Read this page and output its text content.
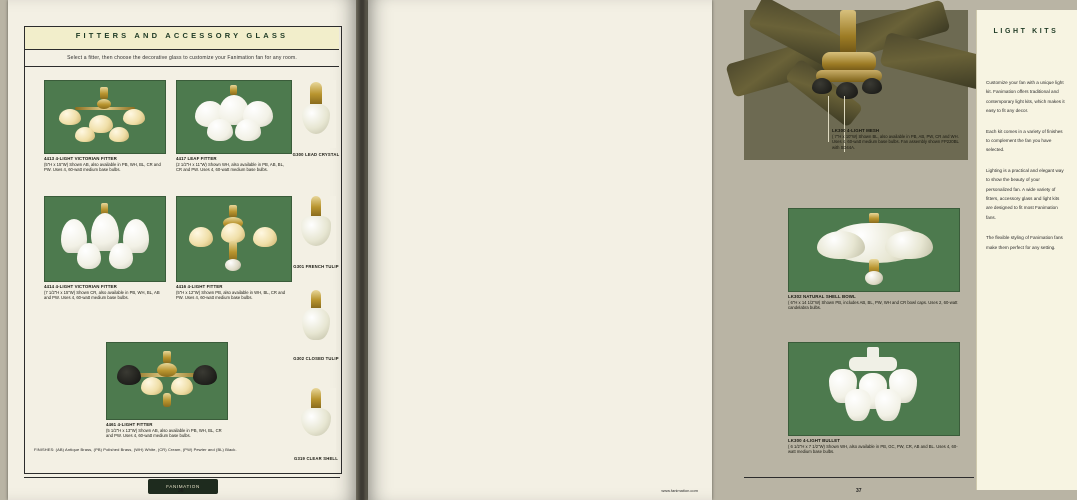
FITTERS AND ACCESSORY GLASS
Select a fitter, then choose the decorative glass to customize your Fanimation fan for any room.
4413 4-LIGHT VICTORIAN FITTER
(5"H x 15"W) Shown AB, also available in PB, WH, BL, CR and PW. Uses 4, 60-watt medium base bulbs.
4417 LEAF FITTER
(2 1/2"H x 11"W) Shown WH, also available in PB, AB, BL, CR and PW. Uses 4, 60-watt medium base bulbs.
G300 LEAD CRYSTAL
4414 4-LIGHT VICTORIAN FITTER
(7 1/2"H x 15"W) Shown CR, also available in PB, WH, BL, AB and PW. Uses 4, 60-watt medium base bulbs.
4416 4-LIGHT FITTER
(5"H x 12"W) Shown PB, also available in WH, BL, CR and PW. Uses 4, 60-watt medium base bulbs.
G301 FRENCH TULIP
G302 CLOSED TULIP
4461 4-LIGHT FITTER
(5 1/2"H x 13"W) Shown AB, also available in PB, WH, BL, CR and PW. Uses 4, 60-watt medium base bulbs.
G319 CLEAR SHELL
FINISHES: (AB) Antique Brass, (PB) Polished Brass, (WH) White, (CR) Cream, (PW) Pewter and (BL) Black.
FANIMATION
36
LK300 4-LIGHT MESH
( 7"H x 10"W) Shown BL, also available in PB, AB, PW, CR and WH. Uses 4, 60-watt medium base bulbs. Fan assembly shown FP220BL with SD44A.
LK302 NATURAL SHELL BOWL
( 6"H x 14 1/2"W) Shown PB, includes AB, BL, PW, WH and CR bowl caps. Uses 2, 60-watt candelabra bulbs.
LK300 4-LIGHT BULLET
( 6 1/2"H x 7 1/2"W) Shown WH, also available in PB, GC, PW, CR, AB and BL. Uses 4, 60-watt medium base bulbs.
LIGHT KITS

Customize your fan with a unique light kit. Fanimation offers traditional and contemporary light kits, which makes it easy to fit any decor.

Each kit comes in a variety of finishes to complement the fan you have selected.

Lighting is a practical and elegant way to show the beauty of your personalized fan. A wide variety of fitters, accessory glass and light kits are designed to fit most Fanimation fans.

The flexible styling of Fanimation fans make them perfect for any setting.

37
www.fanimation.com
